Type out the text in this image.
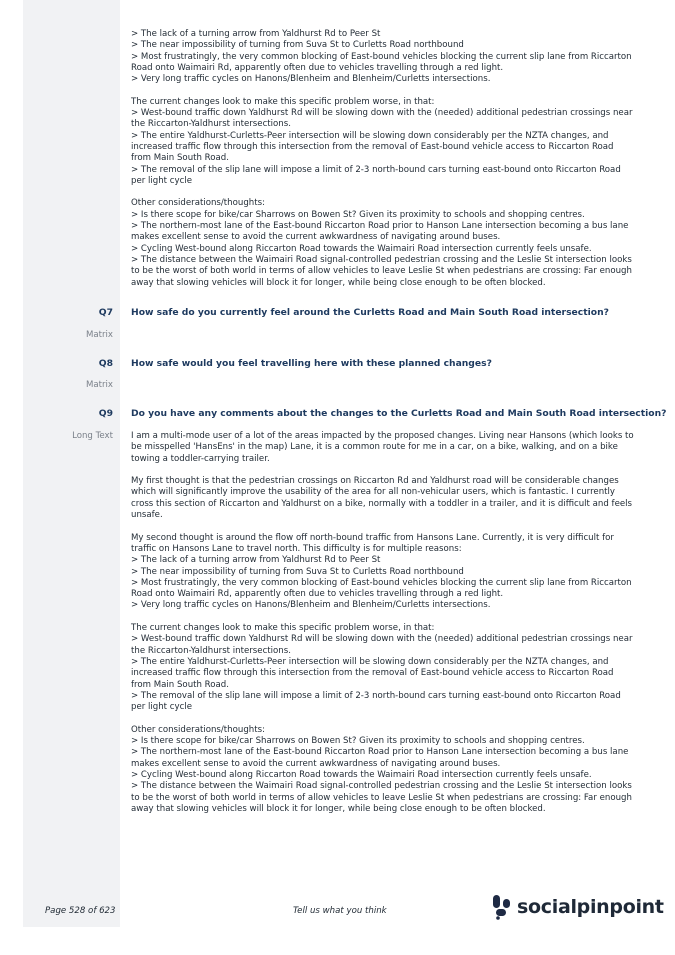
> The lack of a turning arrow from Yaldhurst Rd to Peer St
> The near impossibility of turning from Suva St to Curletts Road northbound
> Most frustratingly, the very common blocking of East-bound vehicles blocking the current slip lane from Riccarton
Road onto Waimairi Rd, apparently often due to vehicles travelling through a red light.
> Very long traffic cycles on Hanons/Blenheim and Blenheim/Curletts intersections.

The current changes look to make this specific problem worse, in that:
> West-bound traffic down Yaldhurst Rd will be slowing down with the (needed) additional pedestrian crossings near
the Riccarton-Yaldhurst intersections.
> The entire Yaldhurst-Curletts-Peer intersection will be slowing down considerably per the NZTA changes, and
increased traffic flow through this intersection from the removal of East-bound vehicle access to Riccarton Road
from Main South Road.
> The removal of the slip lane will impose a limit of 2-3 north-bound cars turning east-bound onto Riccarton Road
per light cycle

Other considerations/thoughts:
> Is there scope for bike/car Sharrows on Bowen St? Given its proximity to schools and shopping centres.
> The northern-most lane of the East-bound Riccarton Road prior to Hanson Lane intersection becoming a bus lane
makes excellent sense to avoid the current awkwardness of navigating around buses.
> Cycling West-bound along Riccarton Road towards the Waimairi Road intersection currently feels unsafe.
> The distance between the Waimairi Road signal-controlled pedestrian crossing and the Leslie St intersection looks
to be the worst of both world in terms of allow vehicles to leave Leslie St when pedestrians are crossing: Far enough
away that slowing vehicles will block it for longer, while being close enough to be often blocked.

Q7 How safe do you currently feel around the Curletts Road and Main South Road intersection?
Matrix
Q8 How safe would you feel travelling here with these planned changes?
Matrix
Q9 Do you have any comments about the changes to the Curletts Road and Main South Road intersection?
Long Text I am a multi-mode user of a lot of the areas impacted by the proposed changes. Living near Hansons (which looks to
be misspelled 'HansEns' in the map) Lane, it is a common route for me in a car, on a bike, walking, and on a bike
towing a toddler-carrying trailer.

My first thought is that the pedestrian crossings on Riccarton Rd and Yaldhurst road will be considerable changes
which will significantly improve the usability of the area for all non-vehicular users, which is fantastic. I currently
cross this section of Riccarton and Yaldhurst on a bike, normally with a toddler in a trailer, and it is difficult and feels
unsafe.

My second thought is around the flow off north-bound traffic from Hansons Lane. Currently, it is very difficult for
traffic on Hansons Lane to travel north. This difficulty is for multiple reasons:
> The lack of a turning arrow from Yaldhurst Rd to Peer St
> The near impossibility of turning from Suva St to Curletts Road northbound
> Most frustratingly, the very common blocking of East-bound vehicles blocking the current slip lane from Riccarton
Road onto Waimairi Rd, apparently often due to vehicles travelling through a red light.
> Very long traffic cycles on Hanons/Blenheim and Blenheim/Curletts intersections.

The current changes look to make this specific problem worse, in that:
> West-bound traffic down Yaldhurst Rd will be slowing down with the (needed) additional pedestrian crossings near
the Riccarton-Yaldhurst intersections.
> The entire Yaldhurst-Curletts-Peer intersection will be slowing down considerably per the NZTA changes, and
increased traffic flow through this intersection from the removal of East-bound vehicle access to Riccarton Road
from Main South Road.
> The removal of the slip lane will impose a limit of 2-3 north-bound cars turning east-bound onto Riccarton Road
per light cycle

Other considerations/thoughts:
> Is there scope for bike/car Sharrows on Bowen St? Given its proximity to schools and shopping centres.
> The northern-most lane of the East-bound Riccarton Road prior to Hanson Lane intersection becoming a bus lane
makes excellent sense to avoid the current awkwardness of navigating around buses.
> Cycling West-bound along Riccarton Road towards the Waimairi Road intersection currently feels unsafe.
> The distance between the Waimairi Road signal-controlled pedestrian crossing and the Leslie St intersection looks
to be the worst of both world in terms of allow vehicles to leave Leslie St when pedestrians are crossing: Far enough
away that slowing vehicles will block it for longer, while being close enough to be often blocked.

Page 528 of 623	Tell us what you think	socialpinpoint
